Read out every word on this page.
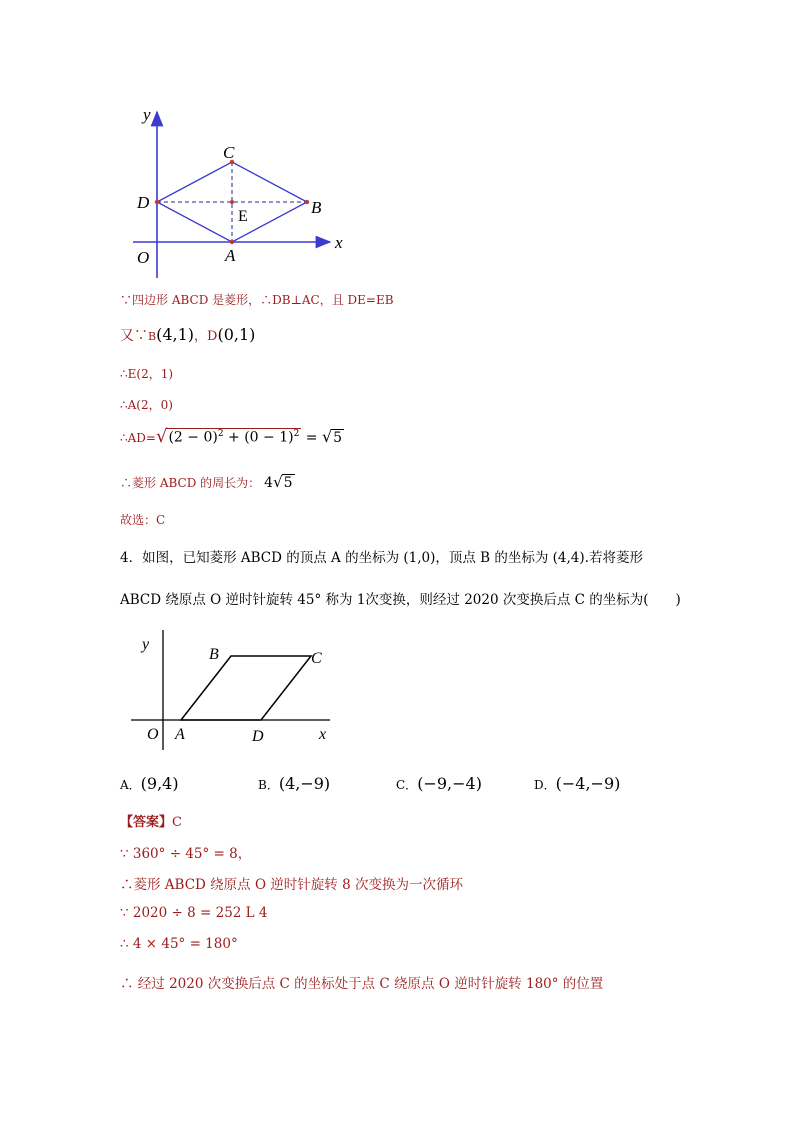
y
C
D
E	B
x
O	A
∵四边形 ABCD 是菱形，∴DB⊥AC，且 DE=EB
又∵B(4,1)，D(0,1)
∴E(2，1)
∴A(2，0)
∴AD=√(2 − $0)^2 + (0 - 1)^2 = √5$
∴菱形 ABCD 的周长为： 4√5
故选：C
4．如图，已知菱形 ABCD 的顶点 A 的坐标为 (1,0)，顶点 B 的坐标为 (4,4).若将菱形
ABCD 绕原点 O 逆时针旋转 45° 称为 1次变换，则经过 2020 次变换后点 C 的坐标为(　　)
y
B	C
O A	D	x
A．(9,4)	B．(4,−9)	C．(−9,−4)	D．(−4,−9)
【答案】C
∵ 360° ÷ 45° = 8，
∴菱形 ABCD 绕原点 O 逆时针旋转 8 次变换为一次循环
∵ 2020 ÷ 8 = 252 L 4
∴ 4 × 45° = 180°
∴ 经过 2020 次变换后点 C 的坐标处于点 C 绕原点 O 逆时针旋转 180° 的位置
